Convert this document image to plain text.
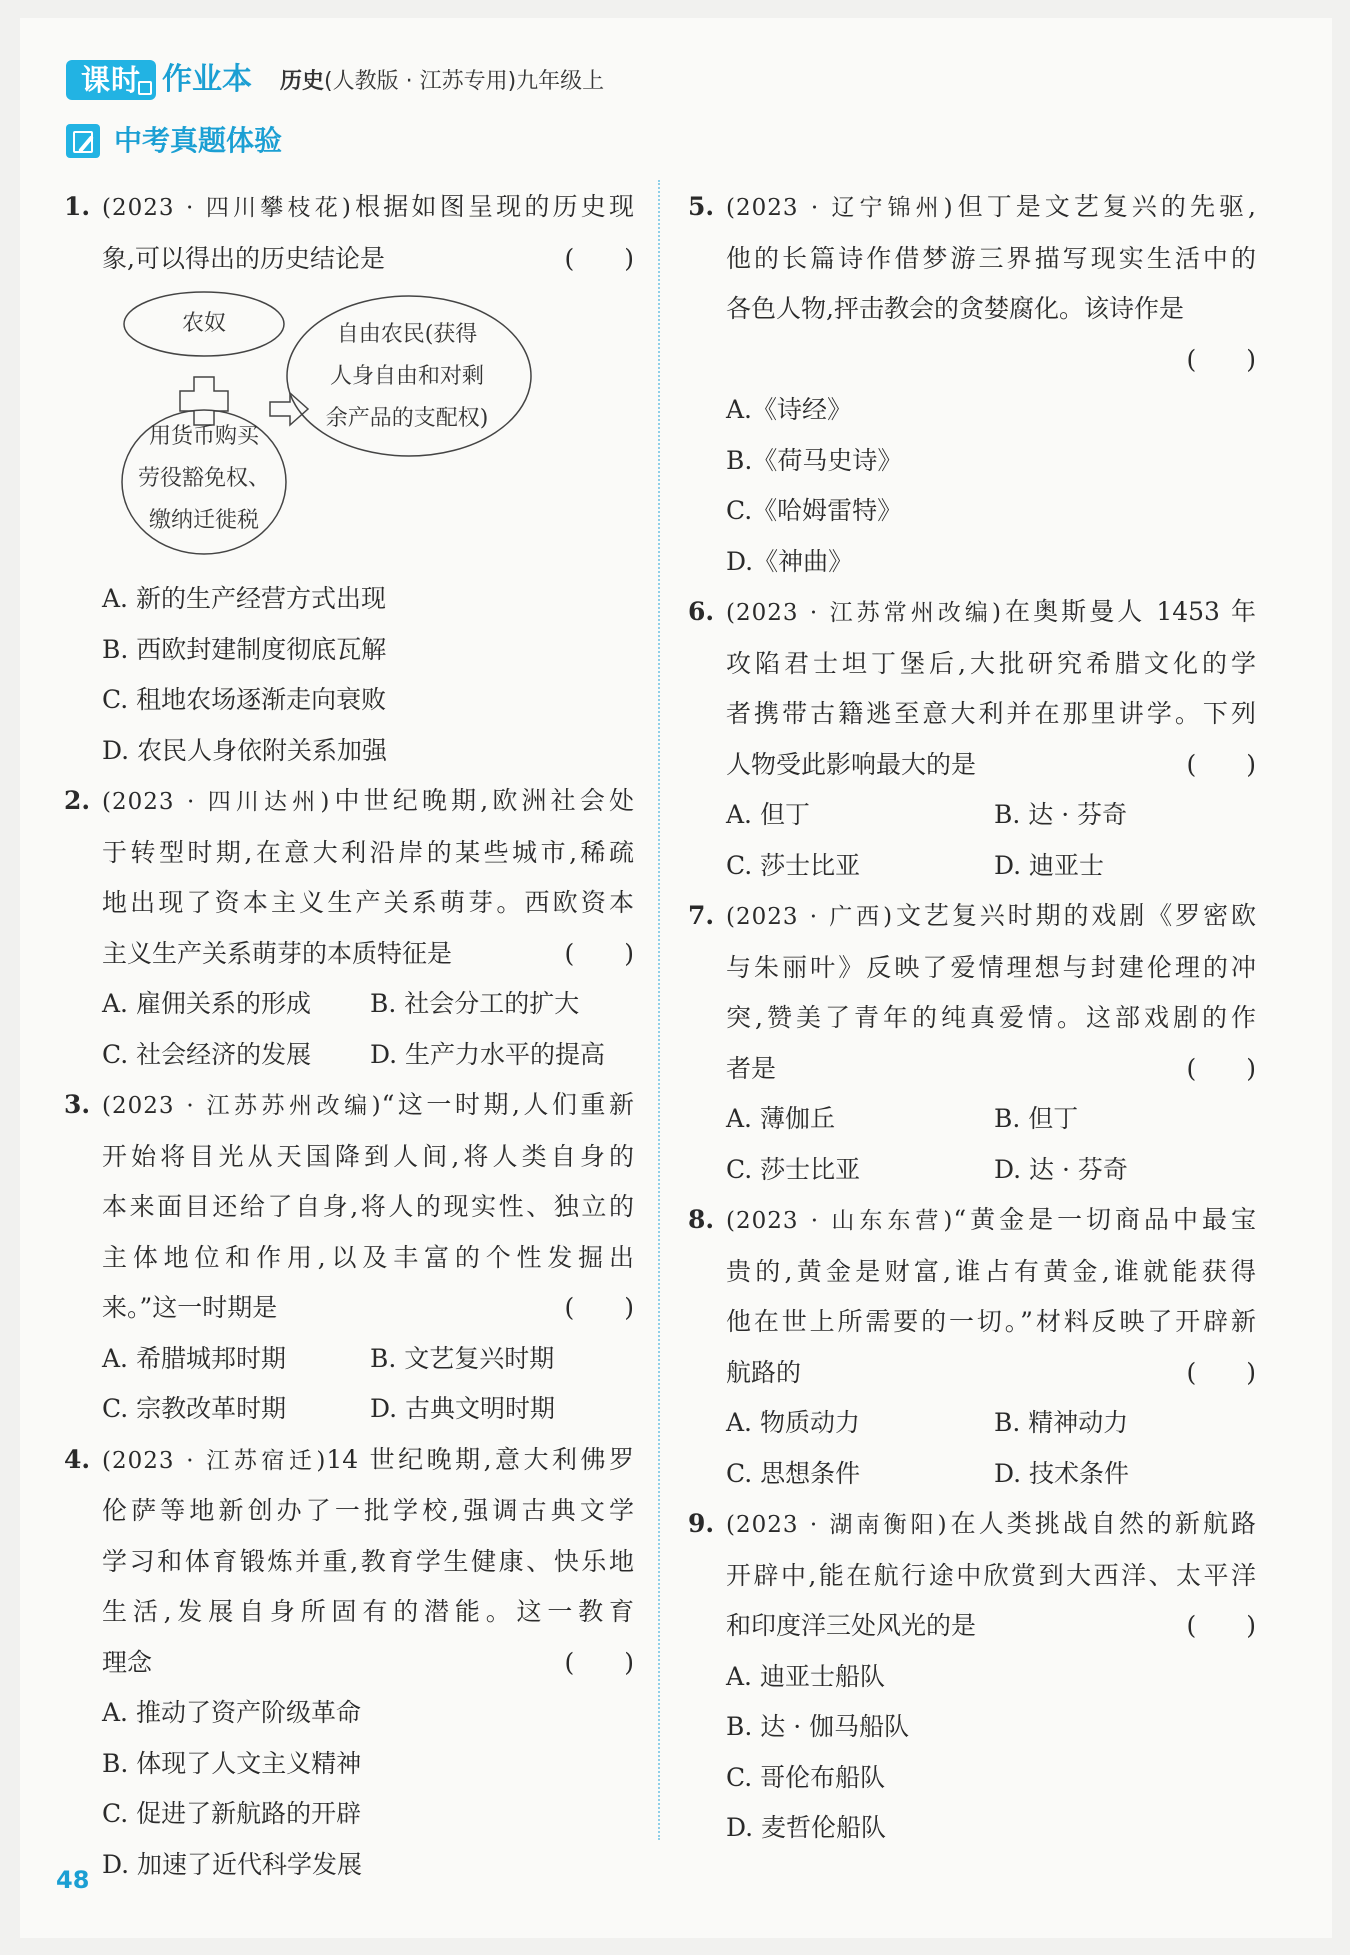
课时 作业本 历史(人教版 · 江苏专用)九年级上
中考真题体验
1. (2023 · 四川攀枝花)根据如图呈现的历史现
象,可以得出的历史结论是	(　　)
农奴
用货币购买
劳役豁免权、
缴纳迁徙税
自由农民(获得
人身自由和对剩
余产品的支配权)
A. 新的生产经营方式出现
B. 西欧封建制度彻底瓦解
C. 租地农场逐渐走向衰败
D. 农民人身依附关系加强
2. (2023 · 四川达州)中世纪晚期,欧洲社会处
于转型时期,在意大利沿岸的某些城市,稀疏
地出现了资本主义生产关系萌芽。西欧资本
主义生产关系萌芽的本质特征是	(　　)
A. 雇佣关系的形成	B. 社会分工的扩大
C. 社会经济的发展	D. 生产力水平的提高
3. (2023 · 江苏苏州改编)“这一时期,人们重新
开始将目光从天国降到人间,将人类自身的
本来面目还给了自身,将人的现实性、独立的
主体地位和作用,以及丰富的个性发掘出
来。”这一时期是	(　　)
A. 希腊城邦时期	B. 文艺复兴时期
C. 宗教改革时期	D. 古典文明时期
4. (2023 · 江苏宿迁)14 世纪晚期,意大利佛罗
伦萨等地新创办了一批学校,强调古典文学
学习和体育锻炼并重,教育学生健康、快乐地
生活,发展自身所固有的潜能。这一教育
理念	(　　)
A. 推动了资产阶级革命
B. 体现了人文主义精神
C. 促进了新航路的开辟
D. 加速了近代科学发展
5. (2023 · 辽宁锦州)但丁是文艺复兴的先驱,
他的长篇诗作借梦游三界描写现实生活中的
各色人物,抨击教会的贪婪腐化。该诗作是
(　　)
A.《诗经》
B.《荷马史诗》
C.《哈姆雷特》
D.《神曲》
6. (2023 · 江苏常州改编)在奥斯曼人 1453 年
攻陷君士坦丁堡后,大批研究希腊文化的学
者携带古籍逃至意大利并在那里讲学。下列
人物受此影响最大的是	(　　)
A. 但丁	B. 达 · 芬奇
C. 莎士比亚	D. 迪亚士
7. (2023 · 广西)文艺复兴时期的戏剧《罗密欧
与朱丽叶》反映了爱情理想与封建伦理的冲
突,赞美了青年的纯真爱情。这部戏剧的作
者是	(　　)
A. 薄伽丘	B. 但丁
C. 莎士比亚	D. 达 · 芬奇
8. (2023 · 山东东营)“黄金是一切商品中最宝
贵的,黄金是财富,谁占有黄金,谁就能获得
他在世上所需要的一切。”材料反映了开辟新
航路的	(　　)
A. 物质动力	B. 精神动力
C. 思想条件	D. 技术条件
9. (2023 · 湖南衡阳)在人类挑战自然的新航路
开辟中,能在航行途中欣赏到大西洋、太平洋
和印度洋三处风光的是	(　　)
A. 迪亚士船队
B. 达 · 伽马船队
C. 哥伦布船队
D. 麦哲伦船队
48
